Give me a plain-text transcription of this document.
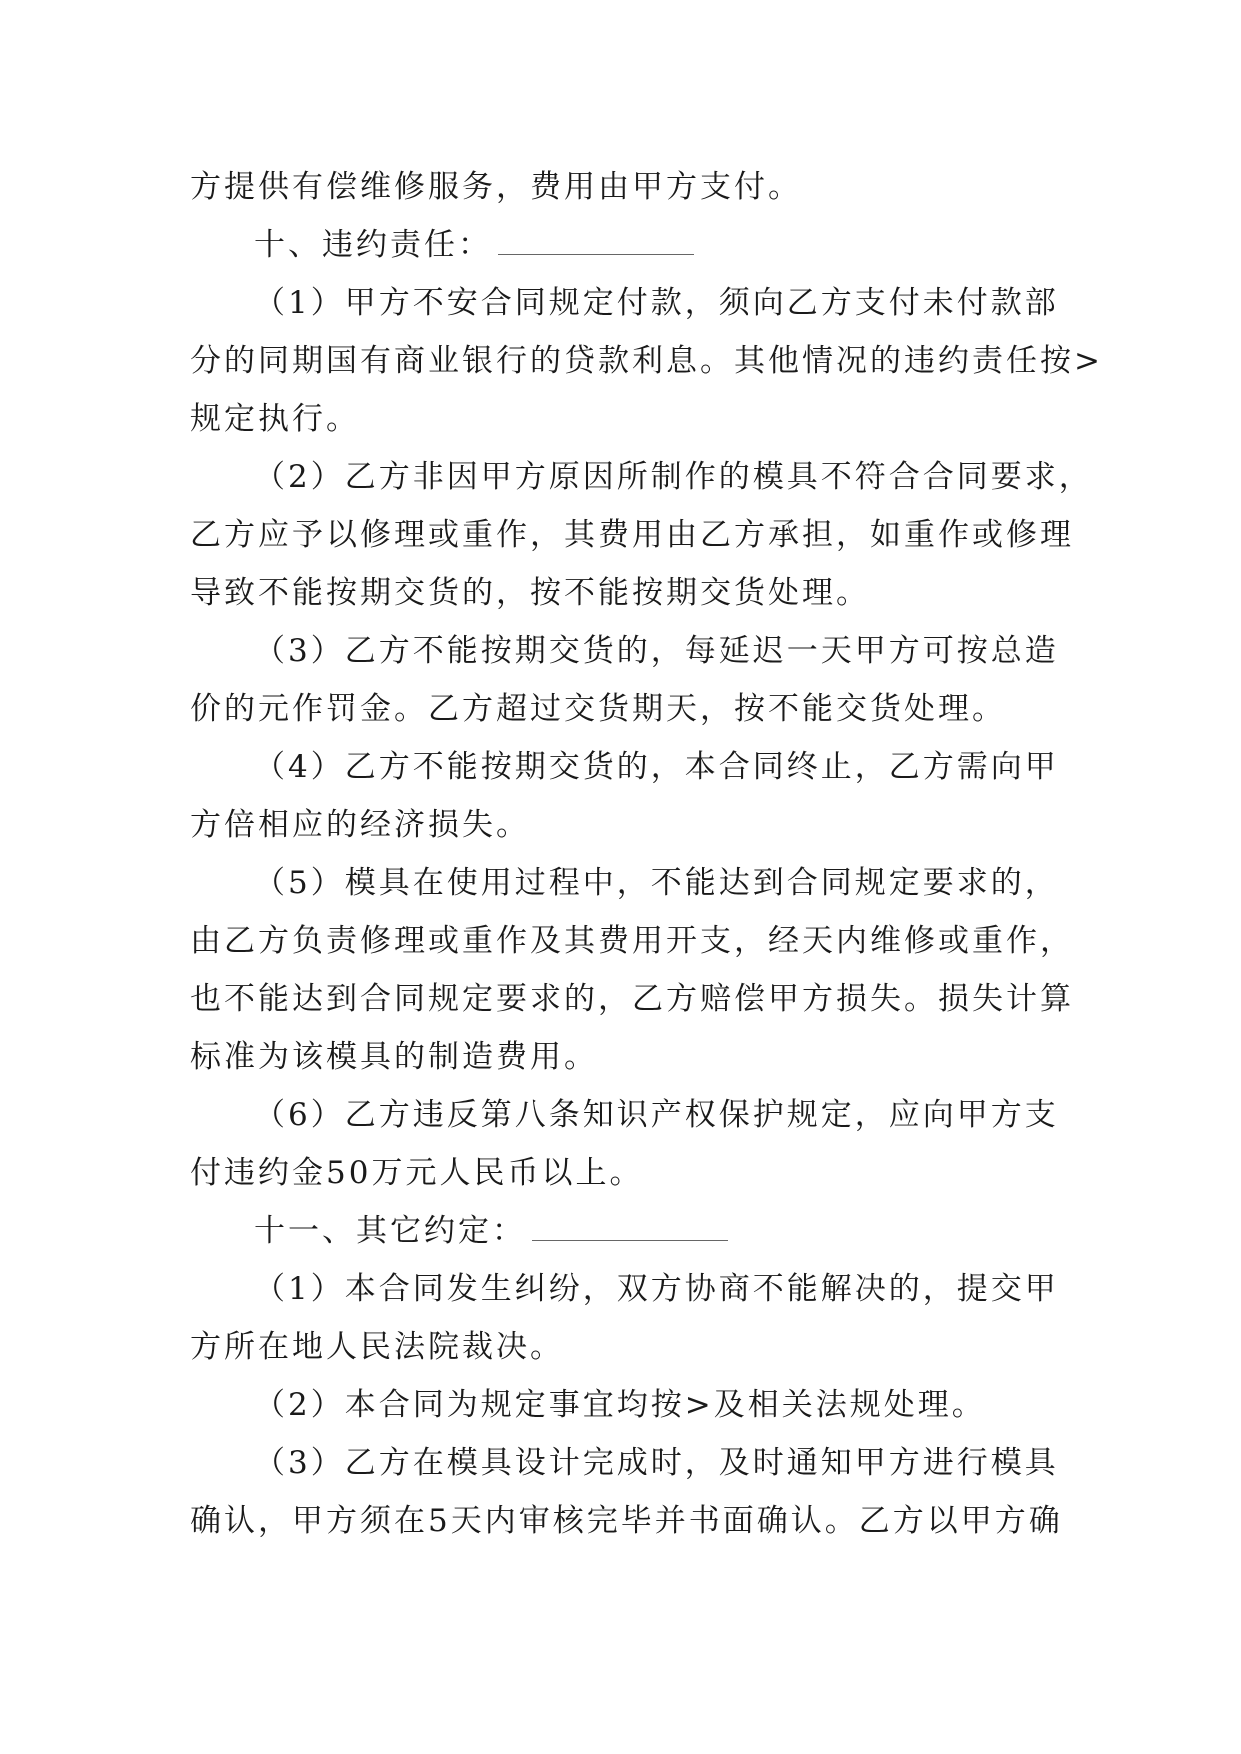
方提供有偿维修服务，费用由甲方支付。

十、违约责任：

（1）甲方不安合同规定付款，须向乙方支付未付款部
分的同期国有商业银行的贷款利息。其他情况的违约责任按>
规定执行。

（2）乙方非因甲方原因所制作的模具不符合合同要求，
乙方应予以修理或重作，其费用由乙方承担，如重作或修理
导致不能按期交货的，按不能按期交货处理。

（3）乙方不能按期交货的，每延迟一天甲方可按总造
价的元作罚金。乙方超过交货期天，按不能交货处理。

（4）乙方不能按期交货的，本合同终止，乙方需向甲
方倍相应的经济损失。

（5）模具在使用过程中，不能达到合同规定要求的，
由乙方负责修理或重作及其费用开支，经天内维修或重作，
也不能达到合同规定要求的，乙方赔偿甲方损失。损失计算
标准为该模具的制造费用。

（6）乙方违反第八条知识产权保护规定，应向甲方支
付违约金50万元人民币以上。

十一、其它约定：

（1）本合同发生纠纷，双方协商不能解决的，提交甲
方所在地人民法院裁决。

（2）本合同为规定事宜均按>及相关法规处理。

（3）乙方在模具设计完成时，及时通知甲方进行模具
确认，甲方须在5天内审核完毕并书面确认。乙方以甲方确
